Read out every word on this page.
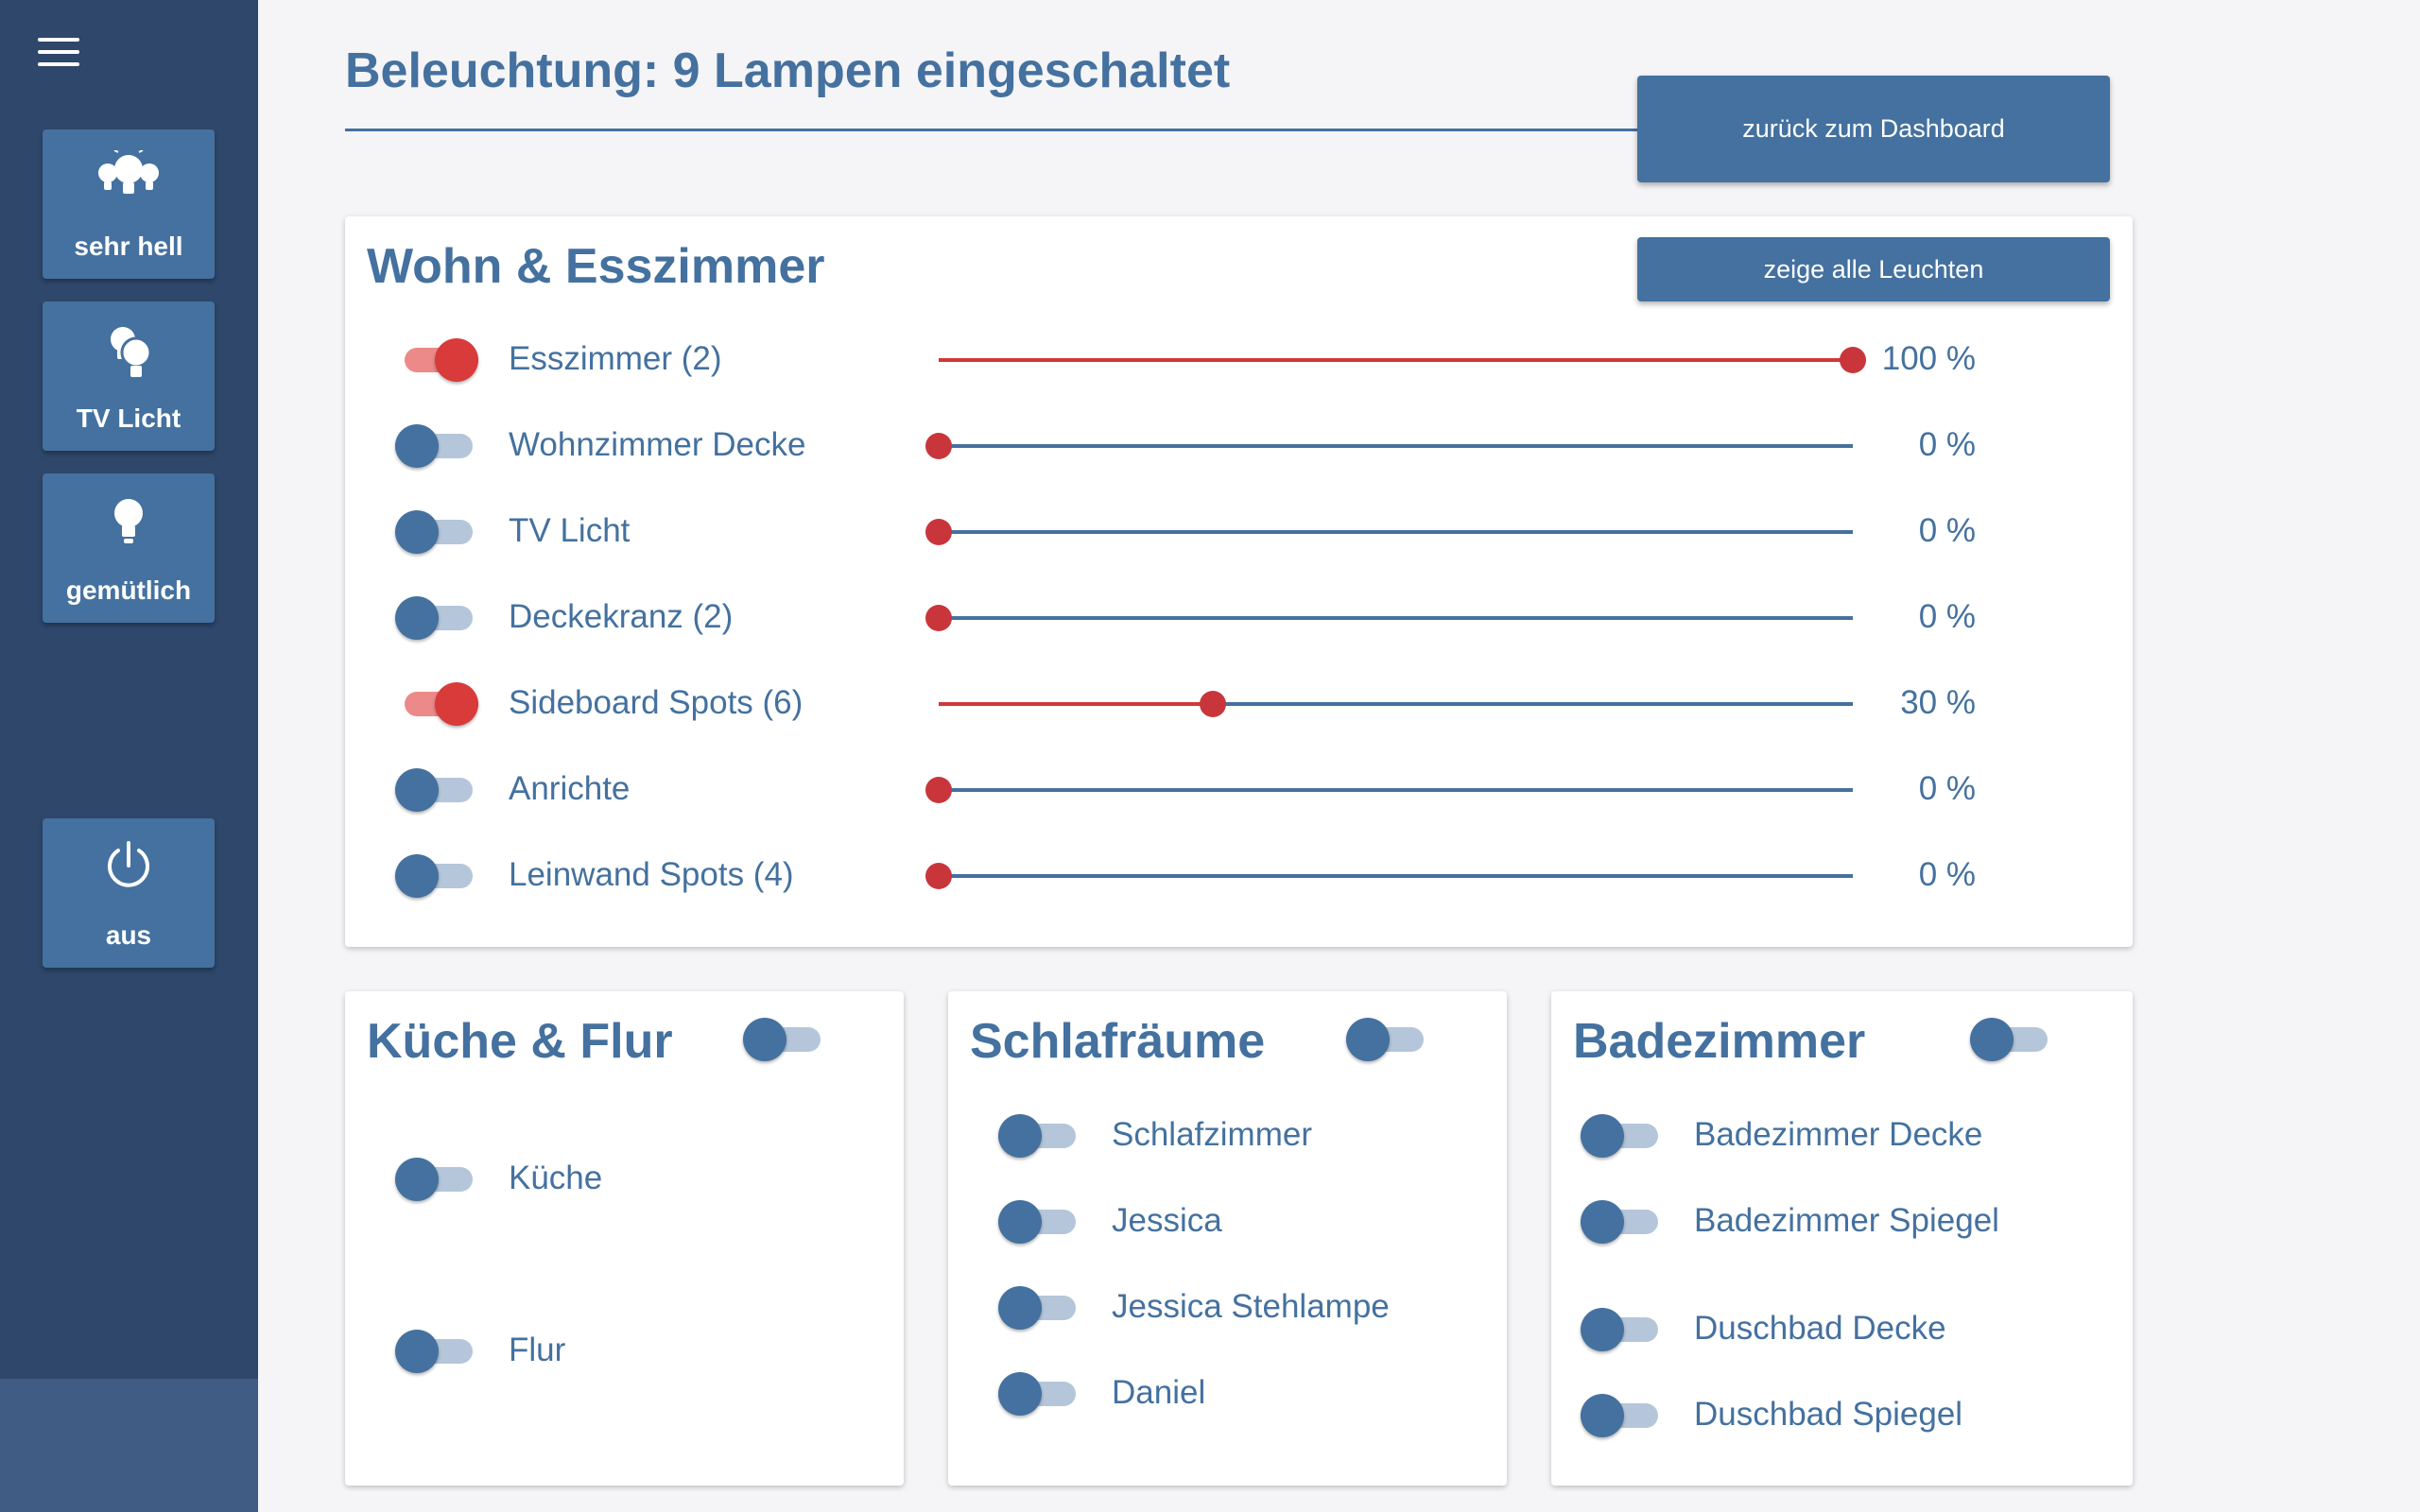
sehr hell
TV Licht
gemütlich
aus
Beleuchtung: 9 Lampen eingeschaltet
zurück zum Dashboard
Wohn & Esszimmer	zeige alle Leuchten
Esszimmer (2)	100 %
Wohnzimmer Decke	0 %
TV Licht	0 %
Deckekranz (2)	0 %
Sideboard Spots (6)	30 %
Anrichte	0 %
Leinwand Spots (4)	0 %
Küche & Flur	Schlafräume	Badezimmer
Küche
Flur
Schlafzimmer
Jessica
Jessica Stehlampe
Daniel
Badezimmer Decke
Badezimmer Spiegel
Duschbad Decke
Duschbad Spiegel
